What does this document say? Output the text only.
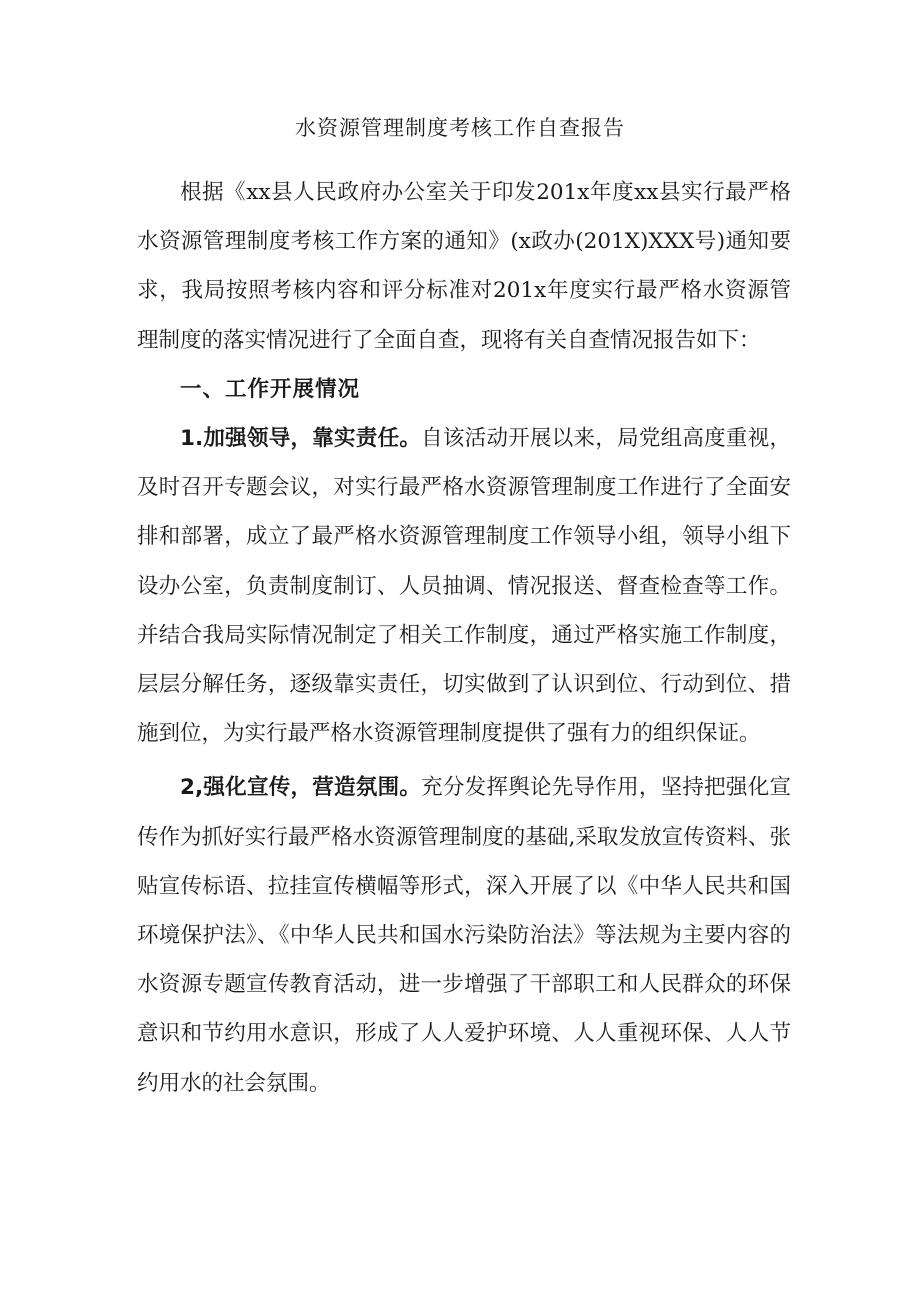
水资源管理制度考核工作自查报告

根据《xx县人民政府办公室关于印发201x年度xx县实行最严格水资源管理制度考核工作方案的通知》(x政办(201X)XXX号)通知要求，我局按照考核内容和评分标准对201x年度实行最严格水资源管理制度的落实情况进行了全面自查，现将有关自查情况报告如下：

一、工作开展情况

1.加强领导，靠实责任。自该活动开展以来，局党组高度重视，及时召开专题会议，对实行最严格水资源管理制度工作进行了全面安排和部署，成立了最严格水资源管理制度工作领导小组，领导小组下设办公室，负责制度制订、人员抽调、情况报送、督查检查等工作。并结合我局实际情况制定了相关工作制度，通过严格实施工作制度，层层分解任务，逐级靠实责任，切实做到了认识到位、行动到位、措施到位，为实行最严格水资源管理制度提供了强有力的组织保证。

2,强化宣传，营造氛围。充分发挥舆论先导作用，坚持把强化宣传作为抓好实行最严格水资源管理制度的基础,采取发放宣传资料、张贴宣传标语、拉挂宣传横幅等形式，深入开展了以《中华人民共和国环境保护法》、《中华人民共和国水污染防治法》等法规为主要内容的水资源专题宣传教育活动，进一步增强了干部职工和人民群众的环保意识和节约用水意识，形成了人人爱护环境、人人重视环保、人人节约用水的社会氛围。
